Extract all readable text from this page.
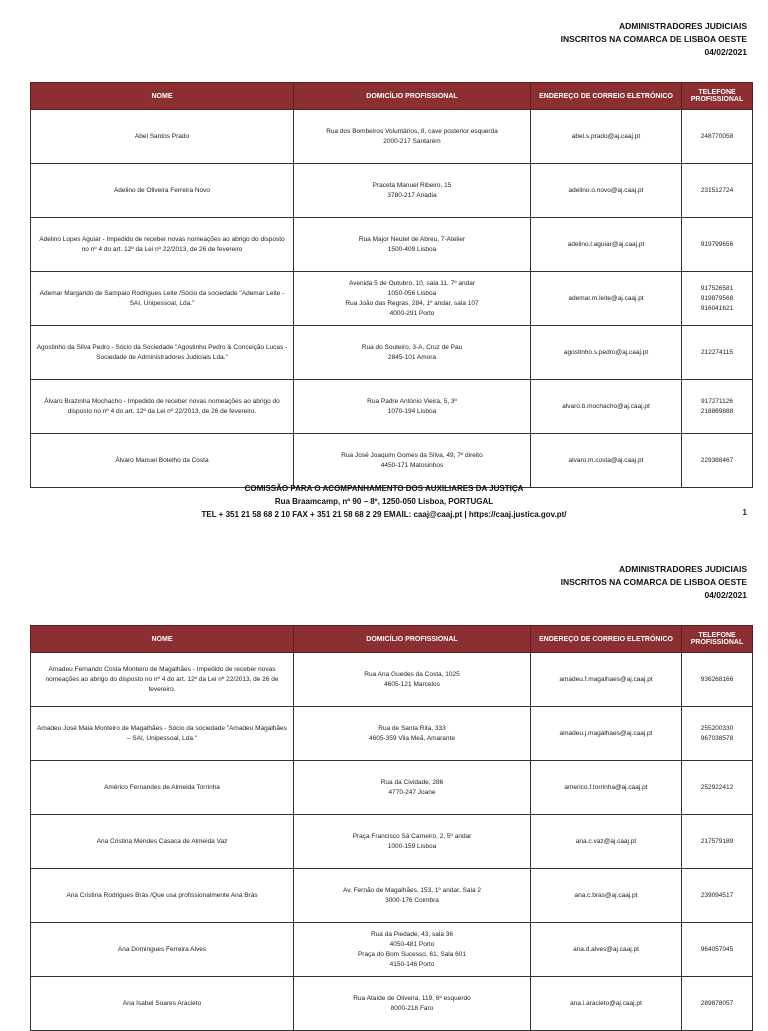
ADMINISTRADORES JUDICIAIS
INSCRITOS NA COMARCA DE LISBOA OESTE
04/02/2021
NOME	DOMICÍLIO PROFISSIONAL	ENDEREÇO DE CORREIO ELETRÓNICO	TELEFONE PROFISSIONAL
Abel Santos Prado	Rua dos Bombeiros Voluntários, 8, cave posterior esquerda
2000-217 Santarém	abel.s.prado@aj.caaj.pt	248770058

Adelino de Oliveira Ferreira Novo	Praceta Manuel Ribeiro, 15
3780-217 Anadia	adelino.o.novo@aj.caaj.pt	231512724

Adelino Lopes Aguiar - Impedido de receber novas nomeações ao abrigo do disposto no nº 4 do art. 12º da Lei nº 22/2013, de 26 de fevereiro	Rua Major Neutel de Abreu, 7-Atelier
1500-409 Lisboa	adelino.l.aguiar@aj.caaj.pt	919799656

Ademar Margarido de Sampaio Rodrigues Leite /Sócio da sociedade "Ademar Leite - SAI, Unipessoal, Lda."	Avenida 5 de Outubro, 10, sala 11, 7º andar
1050-056 Lisboa
Rua João das Regras, 284, 1º andar, sala 107
4000-291 Porto	ademar.m.leite@aj.caaj.pt	917526581
919879568
916041621

Agostinho da Silva Pedro - Sócio da Sociedade "Agostinho Pedro & Conceição Lucas - Sociedade de Administradores Judiciais Lda."	Rua do Souteiro, 3-A, Cruz de Pau
2845-101 Amora	agostinho.s.pedro@aj.caaj.pt	212274115

Álvaro Brazinha Mochacho - Impedido de receber novas nomeações ao abrigo do disposto no nº 4 do art. 12º da Lei nº 22/2013, de 26 de fevereiro.	Rua Padre António Vieira, 5, 3º
1070-194 Lisboa	alvaro.b.mochacho@aj.caaj.pt	917271126
218869888

Álvaro Manuel Botelho da Costa	Rua José Joaquim Gomes da Silva, 49, 7º direito
4450-171 Matosinhos	alvaro.m.costa@aj.caaj.pt	229388467
COMISSÃO PARA O ACOMPANHAMENTO DOS AUXILIARES DA JUSTIÇA
Rua Braamcamp, nº 90 – 8º, 1250-050 Lisboa, PORTUGAL
TEL + 351 21 58 68 2 10 FAX + 351 21 58 68 2 29 EMAIL: caaj@caaj.pt | https://caaj.justica.gov.pt/	1
ADMINISTRADORES JUDICIAIS
INSCRITOS NA COMARCA DE LISBOA OESTE
04/02/2021
NOME	DOMICÍLIO PROFISSIONAL	ENDEREÇO DE CORREIO ELETRÓNICO	TELEFONE PROFISSIONAL
Amadeu Fernando Costa Monteiro de Magalhães - Impedido de receber novas nomeações ao abrigo do disposto no nº 4 do art. 12º da Lei nº 22/2013, de 26 de fevereiro.	Rua Ana Guedes da Costa, 1025
4605-121 Marcelos	amadeu.f.magalhaes@aj.caaj.pt	936268166

Amadeu José Maia Monteiro de Magalhães - Sócio da sociedade "Amadeu Magalhães – SAI, Unipessoal, Lda."	Rua de Santa Rita, 333
4605-359 Vila Meã, Amarante	amadeu.j.magalhaes@aj.caaj.pt	255200330
967038578

Américo Fernandes de Almeida Torrinha	Rua da Cividade, 286
4770-247 Joane	americo.f.torrinha@aj.caaj.pt	252922412

Ana Cristina Mendes Casaca de Almeida Vaz	Praça Francisco Sá Carneiro, 2, 5º andar
1000-159 Lisboa	ana.c.vaz@aj.caaj.pt	217579189

Ana Cristina Rodrigues Brás /Que usa profissionalmente Ana Brás	Av. Fernão de Magalhães, 153, 1º andar, Sala 2
3000-176 Coimbra	ana.c.bras@aj.caaj.pt	239094517

Ana Domingues Ferreira Alves	Rua da Piedade, 43, sala 36
4050-481 Porto
Praça do Bom Sucesso, 61, Sala 601
4150-146 Porto	ana.d.alves@aj.caaj.pt	964057045

Ana Isabel Soares Aracieto	Rua Ataíde de Oliveira, 119, 6º esquerdo
8000-218 Faro	ana.i.aracieto@aj.caaj.pt	289878057
